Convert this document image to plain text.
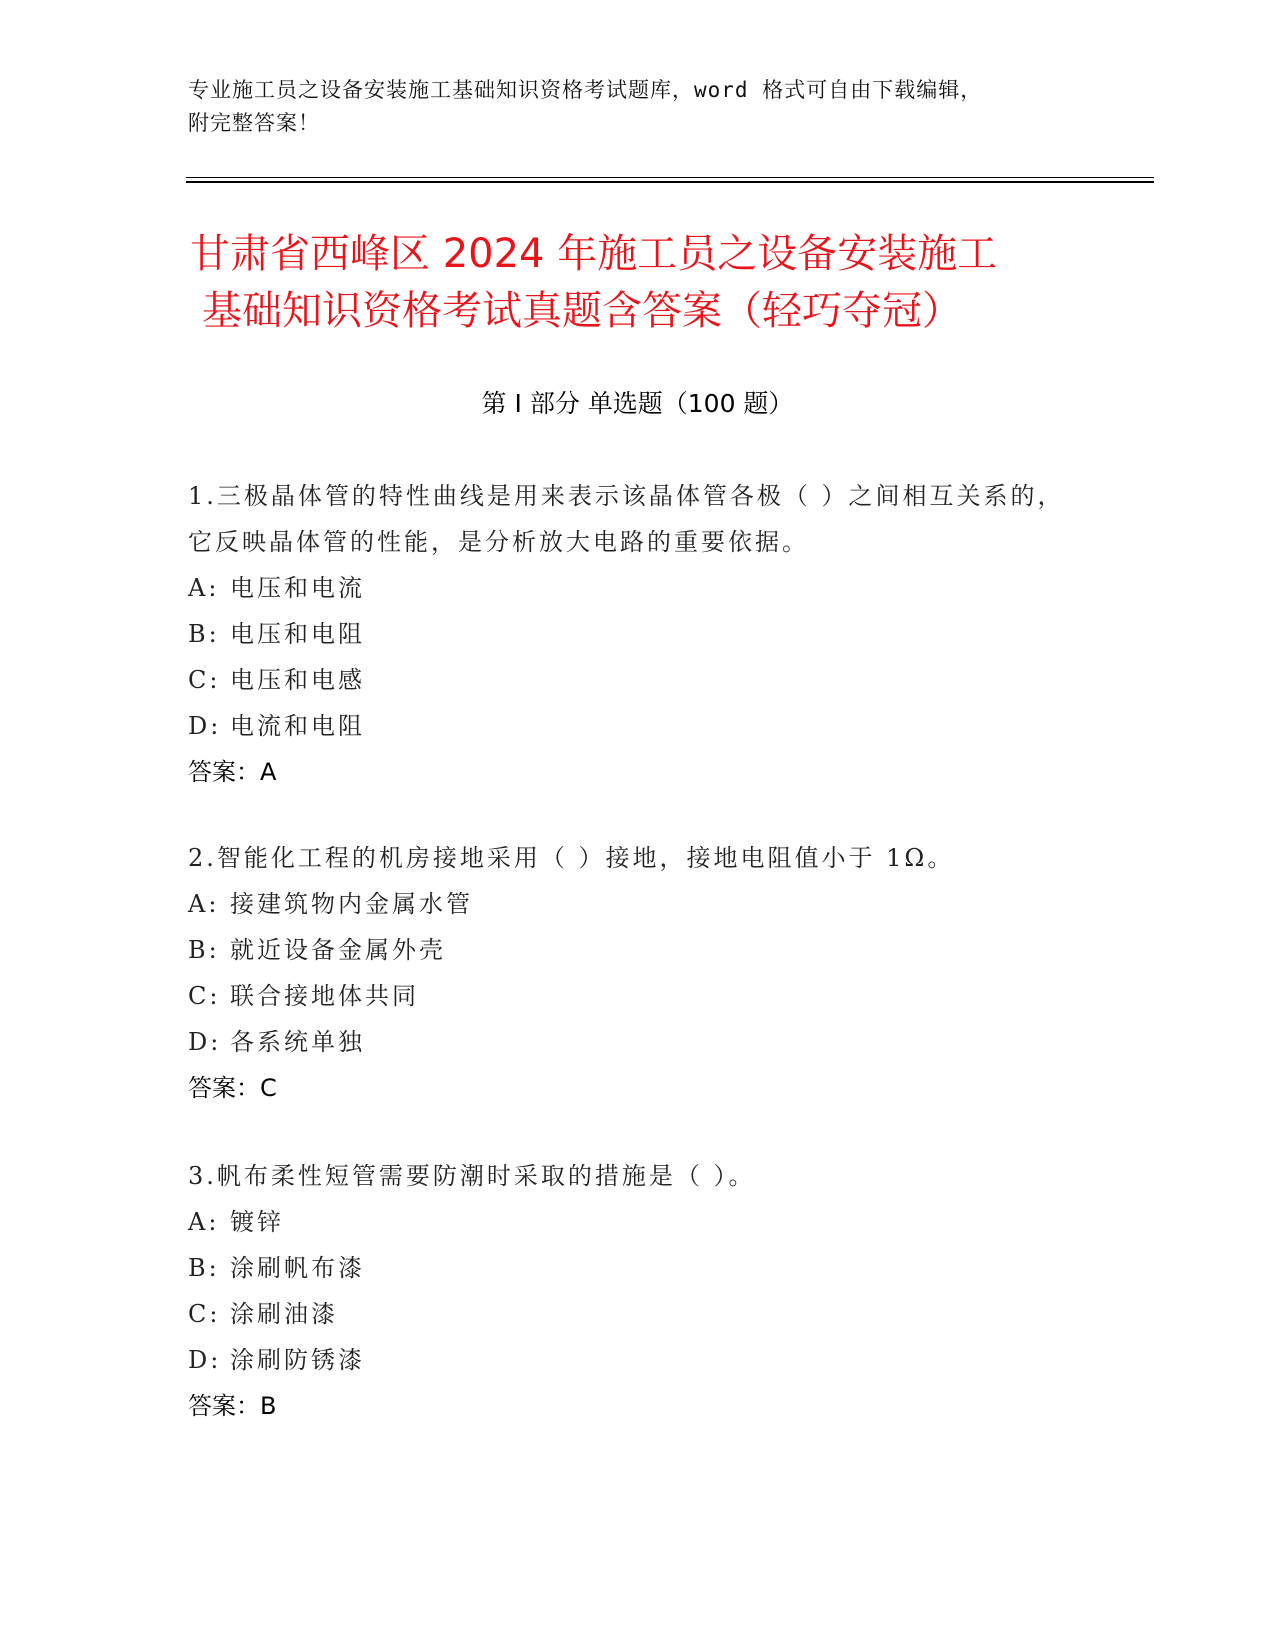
专业施工员之设备安装施工基础知识资格考试题库，word 格式可自由下载编辑，
附完整答案！
甘肃省西峰区 2024 年施工员之设备安装施工
基础知识资格考试真题含答案（轻巧夺冠）
第 I 部分 单选题（100 题）
1.三极晶体管的特性曲线是用来表示该晶体管各极（ ）之间相互关系的，它反映晶体管的性能，是分析放大电路的重要依据。
A: 电压和电流
B: 电压和电阻
C: 电压和电感
D: 电流和电阻
答案：A
2.智能化工程的机房接地采用（ ）接地，接地电阻值小于 1Ω。
A: 接建筑物内金属水管
B: 就近设备金属外壳
C: 联合接地体共同
D: 各系统单独
答案：C
3.帆布柔性短管需要防潮时采取的措施是（ ）。
A: 镀锌
B: 涂刷帆布漆
C: 涂刷油漆
D: 涂刷防锈漆
答案：B
